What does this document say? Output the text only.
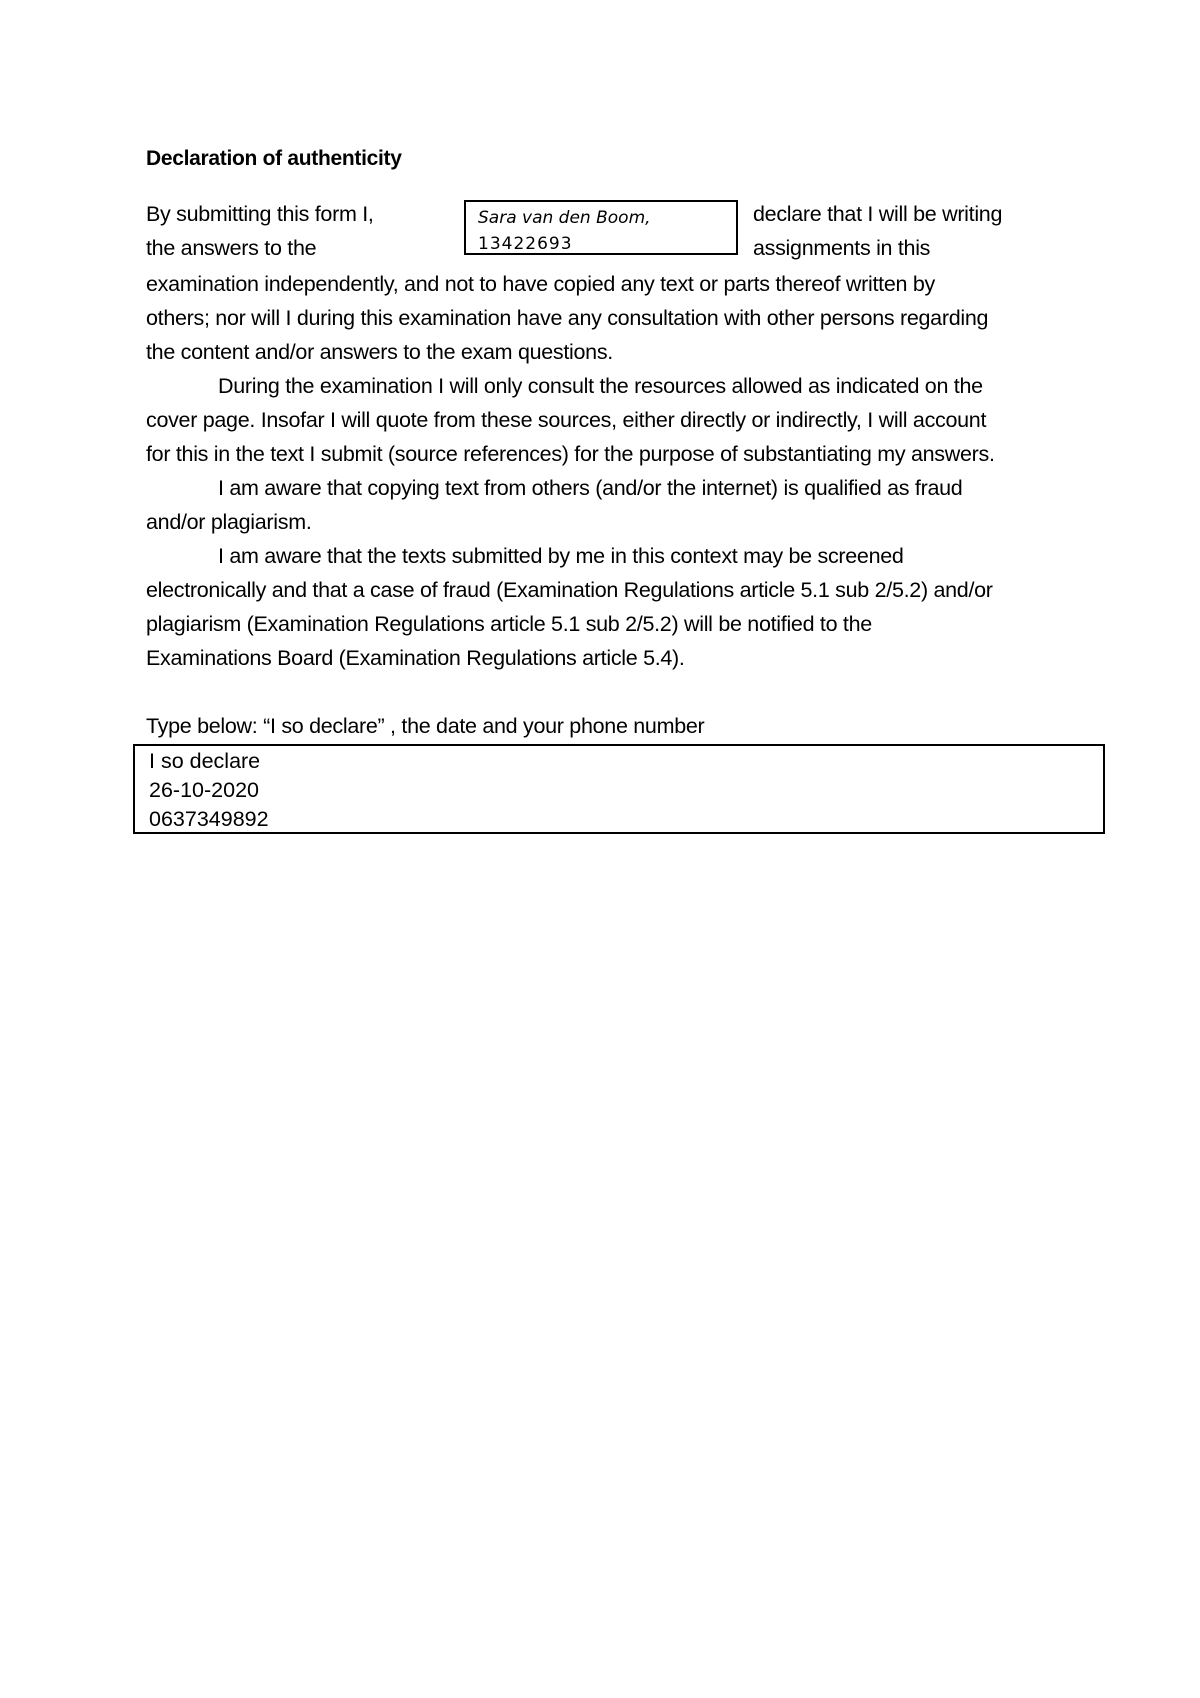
Declaration of authenticity
By submitting this form I,	declare that I will be writing
the answers to the	assignments in this
Sara van den Boom,
13422693
examination independently, and not to have copied any text or parts thereof written by
others; nor will I during this examination have any consultation with other persons regarding
the content and/or answers to the exam questions.
During the examination I will only consult the resources allowed as indicated on the
cover page. Insofar I will quote from these sources, either directly or indirectly, I will account
for this in the text I submit (source references) for the purpose of substantiating my answers.
I am aware that copying text from others (and/or the internet) is qualified as fraud
and/or plagiarism.
I am aware that the texts submitted by me in this context may be screened
electronically and that a case of fraud (Examination Regulations article 5.1 sub 2/5.2) and/or
plagiarism (Examination Regulations article 5.1 sub 2/5.2) will be notified to the
Examinations Board (Examination Regulations article 5.4).
Type below: “I so declare” , the date and your phone number
I so declare
26-10-2020
0637349892
